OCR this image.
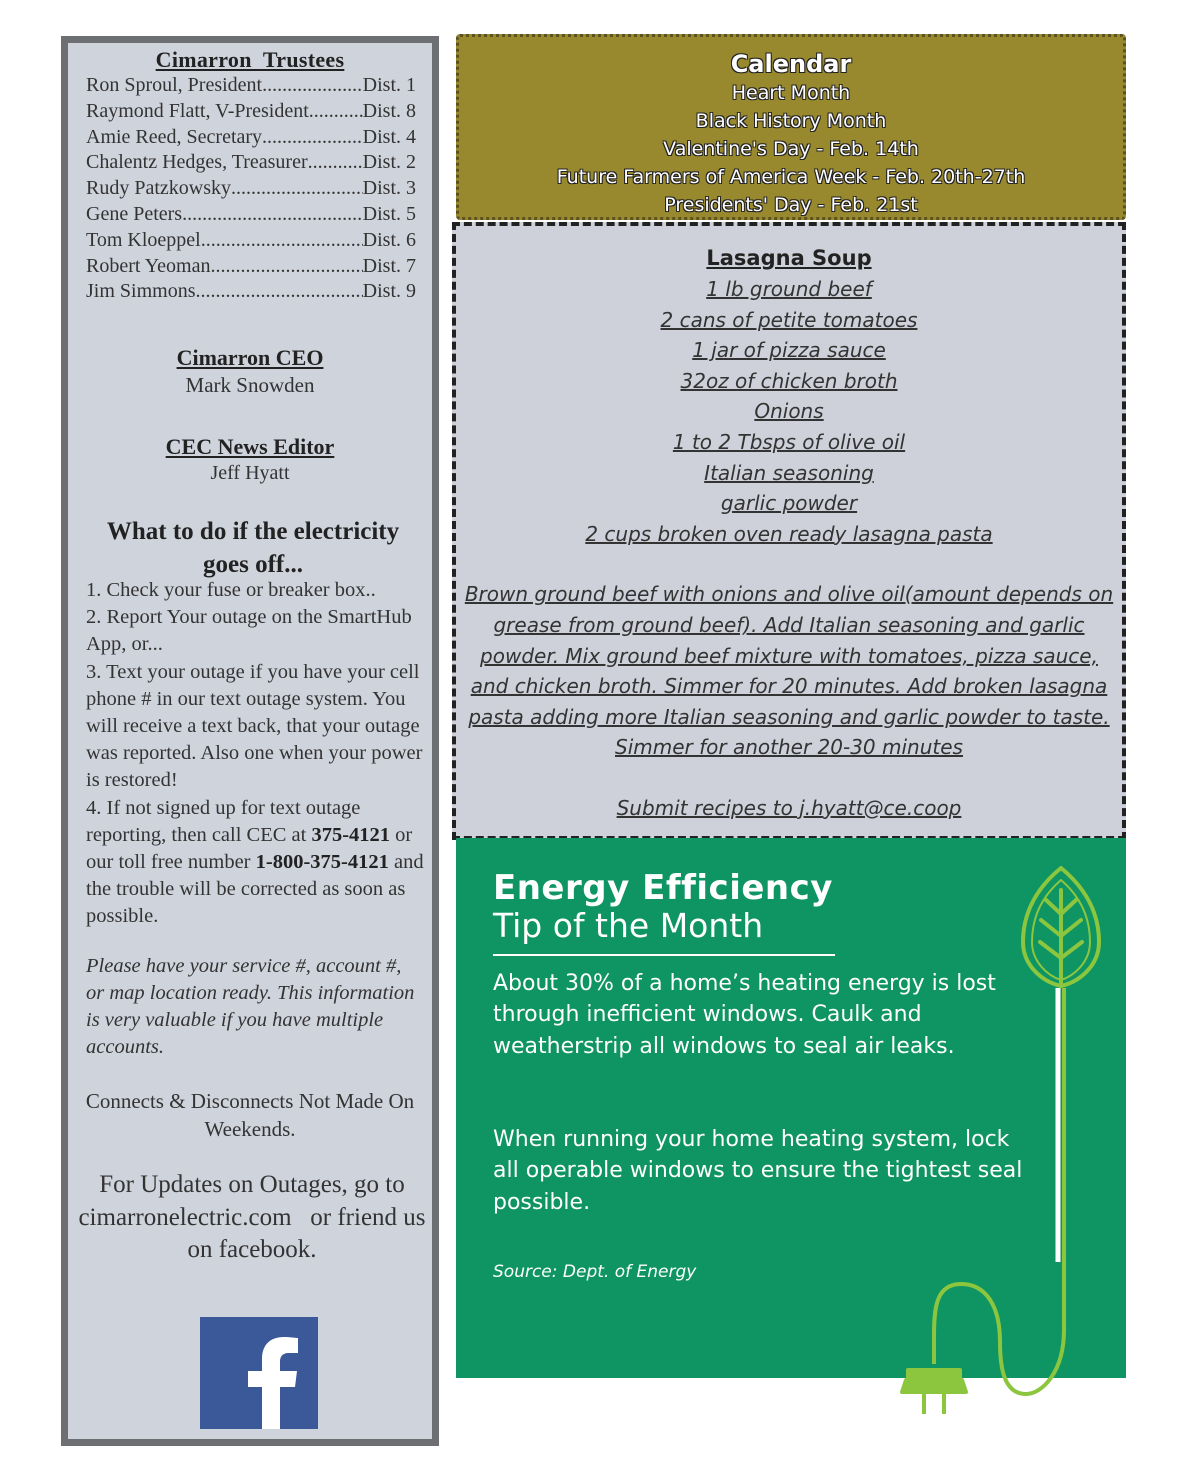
Cimarron  Trustees
Ron Sproul, President .....	Dist. 1
Raymond Flatt, V-President .....	Dist. 8
Amie Reed, Secretary .....	Dist. 4
Chalentz Hedges, Treasurer .....	Dist. 2
Rudy Patzkowsky .....	Dist. 3
Gene Peters .....	Dist. 5
Tom Kloeppel .....	Dist. 6
Robert Yeoman .....	Dist. 7
Jim Simmons .....	Dist. 9
Cimarron CEO
Mark Snowden
CEC News Editor
Jeff Hyatt
What to do if the electricity goes off...
1. Check your fuse or breaker box..
2. Report Your outage on the SmartHub App, or...
3. Text your outage if you have your cell phone # in our text outage system. You will receive a text back, that your outage was reported. Also one when your power is restored!
4. If not signed up for text outage reporting, then call CEC at 375-4121 or our toll free number 1-800-375-4121 and the trouble will be corrected as soon as possible.
Please have your service #, account #, or map location ready. This information is very valuable if you have multiple accounts.
Connects & Disconnects Not Made On Weekends.
For Updates on Outages, go to cimarronelectric.com   or friend us on facebook.
Calendar
Heart Month
Black History Month
Valentine's Day - Feb. 14th
Future Farmers of America Week - Feb. 20th-27th
Presidents' Day - Feb. 21st
Lasagna Soup
1 lb ground beef
2 cans of petite tomatoes
1 jar of pizza sauce
32oz of chicken broth
Onions
1 to 2 Tbsps of olive oil
Italian seasoning
garlic powder
2 cups broken oven ready lasagna pasta
Brown ground beef with onions and olive oil(amount depends on grease from ground beef). Add Italian seasoning and garlic powder. Mix ground beef mixture with tomatoes, pizza sauce, and chicken broth. Simmer for 20 minutes. Add broken lasagna pasta adding more Italian seasoning and garlic powder to taste. Simmer for another 20-30 minutes
Submit recipes to j.hyatt@ce.coop
Energy Efficiency
Tip of the Month
About 30% of a home’s heating energy is lost through inefficient windows. Caulk and weatherstrip all windows to seal air leaks.
When running your home heating system, lock all operable windows to ensure the tightest seal possible.
Source: Dept. of Energy
